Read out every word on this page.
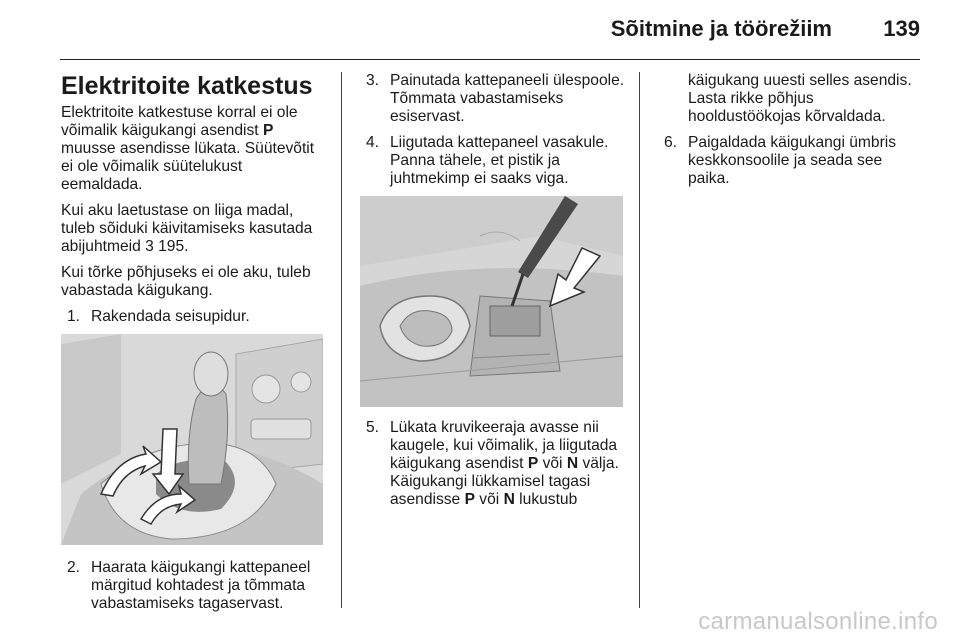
Sõitmine ja töörežiim 139
Elektritoite katkestus

Elektritoite katkestuse korral ei ole võimalik käigukangi asendist P muusse asendisse lükata. Süütevõtit ei ole võimalik süütelukust eemaldada.

Kui aku laetustase on liiga madal, tuleb sõiduki käivitamiseks kasutada abijuhtmeid 3 195.

Kui tõrke põhjuseks ei ole aku, tuleb vabastada käigukang.

1. Rakendada seisupidur.
2. Haarata käigukangi kattepaneel märgitud kohtadest ja tõmmata vabastamiseks tagaservast.
3. Painutada kattepaneeli ülespoole. Tõmmata vabastamiseks esiservast.
4. Liigutada kattepaneel vasakule. Panna tähele, et pistik ja juhtmekimp ei saaks viga.
5. Lükata kruvikeeraja avasse nii kaugele, kui võimalik, ja liigutada käigukang asendist P või N välja. Käigukangi lükkamisel tagasi asendisse P või N lukustub

käigukang uuesti selles asendis. Lasta rikke põhjus hooldustöökojas kõrvaldada.

6. Paigaldada käigukangi ümbris keskkonsoolile ja seada see paika.
carmanualsonline.info
